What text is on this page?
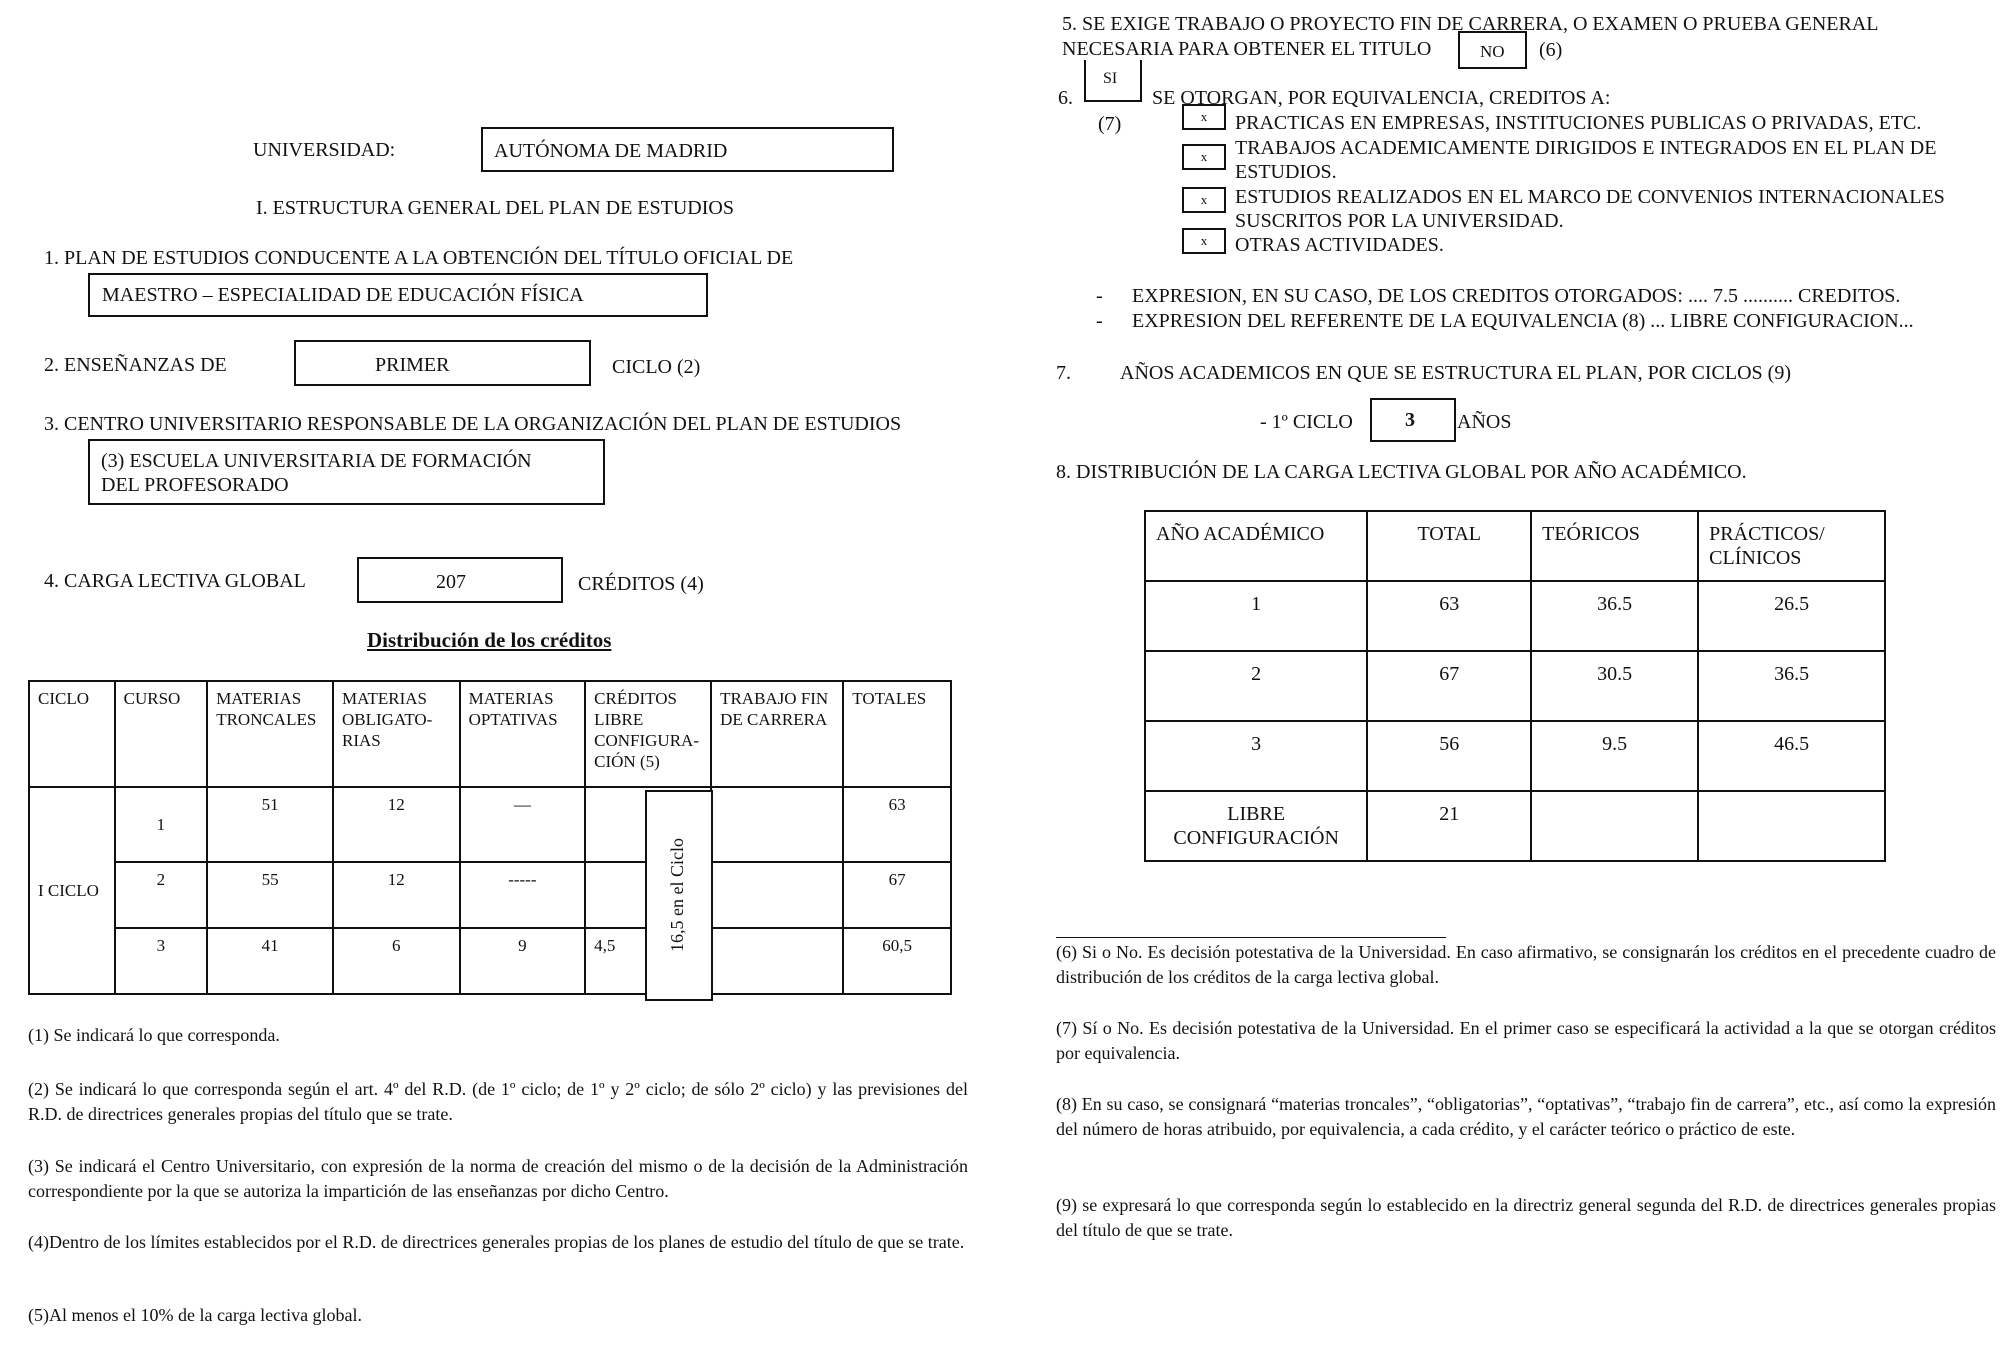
UNIVERSIDAD:	AUTÓNOMA DE MADRID
I. ESTRUCTURA GENERAL DEL PLAN DE ESTUDIOS
1. PLAN DE ESTUDIOS CONDUCENTE A LA OBTENCIÓN DEL TÍTULO OFICIAL DE
MAESTRO – ESPECIALIDAD DE EDUCACIÓN FÍSICA
2. ENSEÑANZAS DE	PRIMER	CICLO (2)
3. CENTRO UNIVERSITARIO RESPONSABLE DE LA ORGANIZACIÓN DEL PLAN DE ESTUDIOS
(3) ESCUELA UNIVERSITARIA DE FORMACIÓN
DEL PROFESORADO
4. CARGA LECTIVA GLOBAL	207	CRÉDITOS (4)
Distribución de los créditos
CICLO	CURSO	MATERIAS TRONCALES	MATERIAS OBLIGATO-RIAS	MATERIAS OPTATIVAS	CRÉDITOS LIBRE CONFIGURA-CIÓN (5)	TRABAJO FIN DE CARRERA	TOTALES
I CICLO	1	51	12	—			63
	2	55	12	-----			67
	3	41	6	9	4,5		60,5
16,5 en el Ciclo
(1) Se indicará lo que corresponda.
(2) Se indicará lo que corresponda según el art. 4º del R.D. (de 1º ciclo; de 1º y 2º ciclo; de sólo 2º ciclo) y las previsiones del R.D. de directrices generales propias del título que se trate.
(3) Se indicará el Centro Universitario, con expresión de la norma de creación del mismo o de la decisión de la Administración correspondiente por la que se autoriza la impartición de las enseñanzas por dicho Centro.
(4)Dentro de los límites establecidos por el R.D. de directrices generales propias de los planes de estudio del título de que se trate.
(5)Al menos el 10% de la carga lectiva global.
5. SE EXIGE TRABAJO O PROYECTO FIN DE CARRERA, O EXAMEN O PRUEBA GENERAL
NECESARIA PARA OBTENER EL TITULO	NO (6)
6.
SI
SE OTORGAN, POR EQUIVALENCIA, CREDITOS A:
(7)	x	PRACTICAS EN EMPRESAS, INSTITUCIONES PUBLICAS O PRIVADAS, ETC.
x	TRABAJOS ACADEMICAMENTE DIRIGIDOS E INTEGRADOS EN EL PLAN DE
ESTUDIOS.
x	ESTUDIOS REALIZADOS EN EL MARCO DE CONVENIOS INTERNACIONALES
SUSCRITOS POR LA UNIVERSIDAD.
x	OTRAS ACTIVIDADES.
- EXPRESION, EN SU CASO, DE LOS CREDITOS OTORGADOS: .... 7.5 .......... CREDITOS.
- EXPRESION DEL REFERENTE DE LA EQUIVALENCIA (8) ... LIBRE CONFIGURACION...
7. AÑOS ACADEMICOS EN QUE SE ESTRUCTURA EL PLAN, POR CICLOS (9)
- 1º CICLO	3 AÑOS
8. DISTRIBUCIÓN DE LA CARGA LECTIVA GLOBAL POR AÑO ACADÉMICO.
AÑO ACADÉMICO	TOTAL	TEÓRICOS	PRÁCTICOS/ CLÍNICOS
1	63	36.5	26.5
2	67	30.5	36.5
3	56	9.5	46.5
LIBRE CONFIGURACIÓN	21		
(6) Si o No. Es decisión potestativa de la Universidad. En caso afirmativo, se consignarán los créditos en el precedente cuadro de distribución de los créditos de la carga lectiva global.
(7) Sí o No. Es decisión potestativa de la Universidad. En el primer caso se especificará la actividad a la que se otorgan créditos por equivalencia.
(8) En su caso, se consignará “materias troncales”, “obligatorias”, “optativas”, “trabajo fin de carrera”, etc., así como la expresión del número de horas atribuido, por equivalencia, a cada crédito, y el carácter teórico o práctico de este.
(9) se expresará lo que corresponda según lo establecido en la directriz general segunda del R.D. de directrices generales propias del título de que se trate.
